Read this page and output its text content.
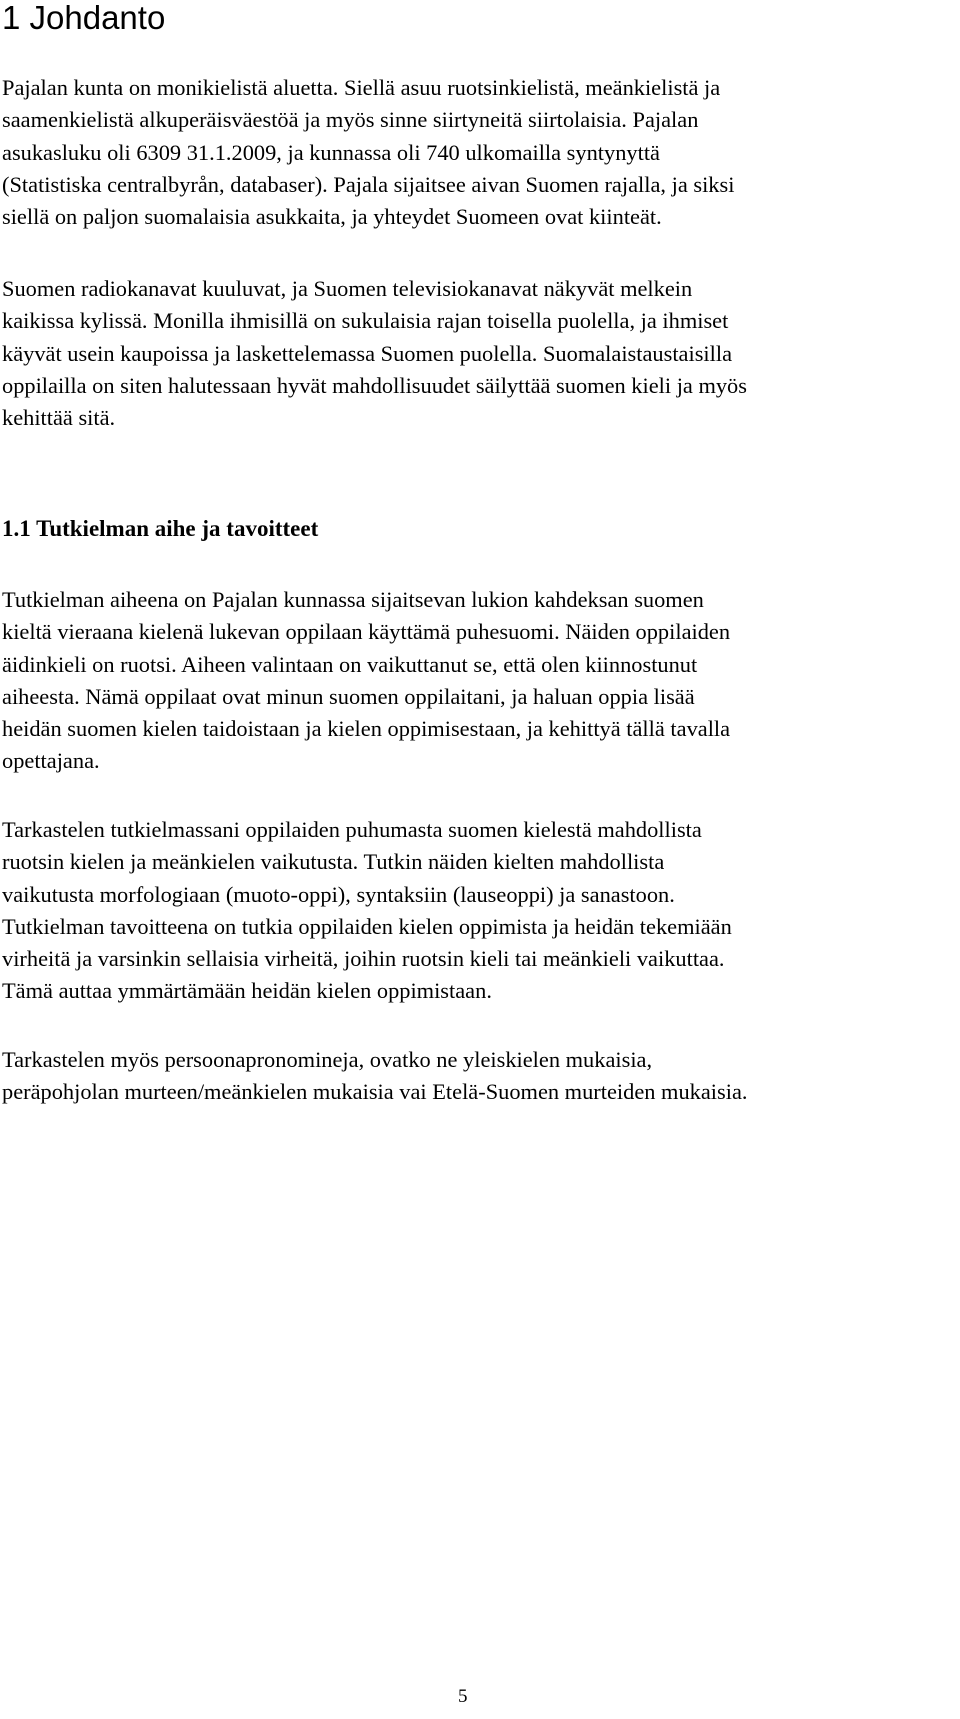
1 Johdanto

Pajalan kunta on monikielistä aluetta. Siellä asuu ruotsinkielistä, meänkielistä ja
saamenkielistä alkuperäisväestöä ja myös sinne siirtyneitä siirtolaisia. Pajalan
asukasluku oli 6309 31.1.2009, ja kunnassa oli 740 ulkomailla syntynyttä
(Statistiska centralbyrån, databaser). Pajala sijaitsee aivan Suomen rajalla, ja siksi
siellä on paljon suomalaisia asukkaita, ja yhteydet Suomeen ovat kiinteät.

Suomen radiokanavat kuuluvat, ja Suomen televisiokanavat näkyvät melkein
kaikissa kylissä. Monilla ihmisillä on sukulaisia rajan toisella puolella, ja ihmiset
käyvät usein kaupoissa ja laskettelemassa Suomen puolella. Suomalaistaustaisilla
oppilailla on siten halutessaan hyvät mahdollisuudet säilyttää suomen kieli ja myös
kehittää sitä.

1.1 Tutkielman aihe ja tavoitteet

Tutkielman aiheena on Pajalan kunnassa sijaitsevan lukion kahdeksan suomen
kieltä vieraana kielenä lukevan oppilaan käyttämä puhesuomi. Näiden oppilaiden
äidinkieli on ruotsi. Aiheen valintaan on vaikuttanut se, että olen kiinnostunut
aiheesta. Nämä oppilaat ovat minun suomen oppilaitani, ja haluan oppia lisää
heidän suomen kielen taidoistaan ja kielen oppimisestaan, ja kehittyä tällä tavalla
opettajana.

Tarkastelen tutkielmassani oppilaiden puhumasta suomen kielestä mahdollista
ruotsin kielen ja meänkielen vaikutusta. Tutkin näiden kielten mahdollista
vaikutusta morfologiaan (muoto-oppi), syntaksiin (lauseoppi) ja sanastoon.
Tutkielman tavoitteena on tutkia oppilaiden kielen oppimista ja heidän tekemiään
virheitä ja varsinkin sellaisia virheitä, joihin ruotsin kieli tai meänkieli vaikuttaa.
Tämä auttaa ymmärtämään heidän kielen oppimistaan.

Tarkastelen myös persoonapronomineja, ovatko ne yleiskielen mukaisia,
peräpohjolan murteen/meänkielen mukaisia vai Etelä-Suomen murteiden mukaisia.

5
